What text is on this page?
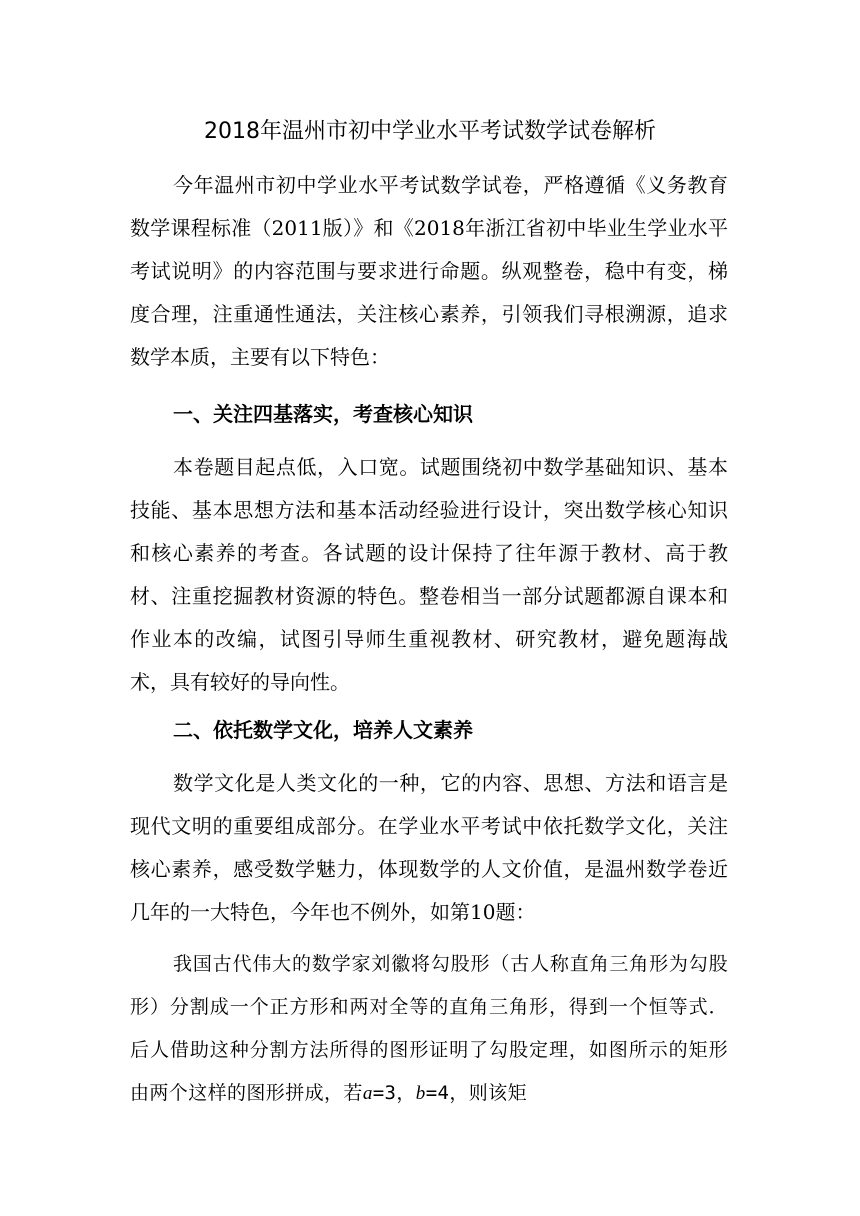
2018年温州市初中学业水平考试数学试卷解析

今年温州市初中学业水平考试数学试卷，严格遵循《义务教育数学课程标准（2011版）》和《2018年浙江省初中毕业生学业水平考试说明》的内容范围与要求进行命题。纵观整卷，稳中有变，梯度合理，注重通性通法，关注核心素养，引领我们寻根溯源，追求数学本质，主要有以下特色：

一、关注四基落实，考查核心知识

本卷题目起点低，入口宽。试题围绕初中数学基础知识、基本技能、基本思想方法和基本活动经验进行设计，突出数学核心知识和核心素养的考查。各试题的设计保持了往年源于教材、高于教材、注重挖掘教材资源的特色。整卷相当一部分试题都源自课本和作业本的改编，试图引导师生重视教材、研究教材，避免题海战术，具有较好的导向性。

二、依托数学文化，培养人文素养

数学文化是人类文化的一种，它的内容、思想、方法和语言是现代文明的重要组成部分。在学业水平考试中依托数学文化，关注核心素养，感受数学魅力，体现数学的人文价值，是温州数学卷近几年的一大特色，今年也不例外，如第10题：

我国古代伟大的数学家刘徽将勾股形（古人称直角三角形为勾股形）分割成一个正方形和两对全等的直角三角形，得到一个恒等式．后人借助这种分割方法所得的图形证明了勾股定理，如图所示的矩形由两个这样的图形拼成，若a=3，b=4，则该矩
